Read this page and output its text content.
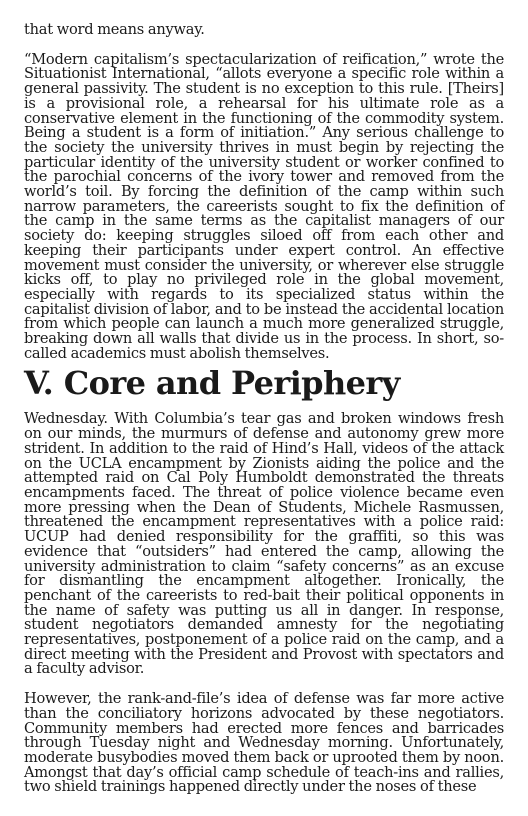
that word means anyway.

“Modern capitalism’s spectacularization of reification,” wrote the Situationist International, “allots everyone a specific role within a general passivity. The student is no exception to this rule. [Theirs] is a provisional role, a rehearsal for his ultimate role as a conservative element in the functioning of the commodity system. Being a student is a form of initiation.” Any serious challenge to the society the university thrives in must begin by rejecting the particular identity of the university student or worker confined to the parochial concerns of the ivory tower and removed from the world’s toil. By forcing the definition of the camp within such narrow parameters, the careerists sought to fix the definition of the camp in the same terms as the capitalist managers of our society do: keeping struggles siloed off from each other and keeping their participants under expert control. An effective movement must consider the university, or wherever else struggle kicks off, to play no privileged role in the global movement, especially with regards to its specialized status within the capitalist division of labor, and to be instead the accidental location from which people can launch a much more generalized struggle, breaking down all walls that divide us in the process. In short, so-called academics must abolish themselves.

V. Core and Periphery

Wednesday. With Columbia’s tear gas and broken windows fresh on our minds, the murmurs of defense and autonomy grew more strident. In addition to the raid of Hind’s Hall, videos of the attack on the UCLA encampment by Zionists aiding the police and the attempted raid on Cal Poly Humboldt demonstrated the threats encampments faced. The threat of police violence became even more pressing when the Dean of Students, Michele Rasmussen, threatened the encampment representatives with a police raid: UCUP had denied responsibility for the graffiti, so this was evidence that “outsiders” had entered the camp, allowing the university administration to claim “safety concerns” as an excuse for dismantling the encampment altogether. Ironically, the penchant of the careerists to red-bait their political opponents in the name of safety was putting us all in danger. In response, student negotiators demanded amnesty for the negotiating representatives, postponement of a police raid on the camp, and a direct meeting with the President and Provost with spectators and a faculty advisor.

However, the rank-and-file’s idea of defense was far more active than the conciliatory horizons advocated by these negotiators. Community members had erected more fences and barricades through Tuesday night and Wednesday morning. Unfortunately, moderate busybodies moved them back or uprooted them by noon. Amongst that day’s official camp schedule of teach-ins and rallies, two shield trainings happened directly under the noses of these
